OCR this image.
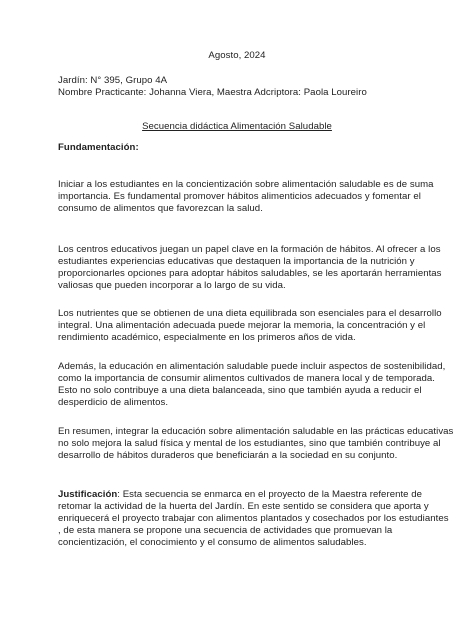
Agosto, 2024
Jardín: N° 395, Grupo 4A
Nombre Practicante: Johanna Viera, Maestra Adcriptora: Paola Loureiro
Secuencia didáctica Alimentación Saludable
Fundamentación:
Iniciar a los estudiantes en la concientización sobre alimentación saludable es de suma
importancia. Es fundamental promover hábitos alimenticios adecuados y fomentar el
consumo de alimentos que favorezcan la salud.
Los centros educativos juegan un papel clave en la formación de hábitos. Al ofrecer a los
estudiantes experiencias educativas que destaquen la importancia de la nutrición y
proporcionarles opciones para adoptar hábitos saludables, se les aportarán herramientas
valiosas que pueden incorporar a lo largo de su vida.
Los nutrientes que se obtienen de una dieta equilibrada son esenciales para el desarrollo
integral. Una alimentación adecuada puede mejorar la memoria, la concentración y el
rendimiento académico, especialmente en los primeros años de vida.
Además, la educación en alimentación saludable puede incluir aspectos de sostenibilidad,
como la importancia de consumir alimentos cultivados de manera local y de temporada.
Esto no solo contribuye a una dieta balanceada, sino que también ayuda a reducir el
desperdicio de alimentos.
En resumen, integrar la educación sobre alimentación saludable en las prácticas educativas
no solo mejora la salud física y mental de los estudiantes, sino que también contribuye al
desarrollo de hábitos duraderos que beneficiarán a la sociedad en su conjunto.
Justificación: Esta secuencia se enmarca en el proyecto de la Maestra referente de
retomar la actividad de la huerta del Jardín. En este sentido se considera que aporta y
enriquecerá el proyecto trabajar con alimentos plantados y cosechados por los estudiantes
, de esta manera se propone una secuencia de actividades que promuevan la
concientización, el conocimiento y el consumo de alimentos saludables.
